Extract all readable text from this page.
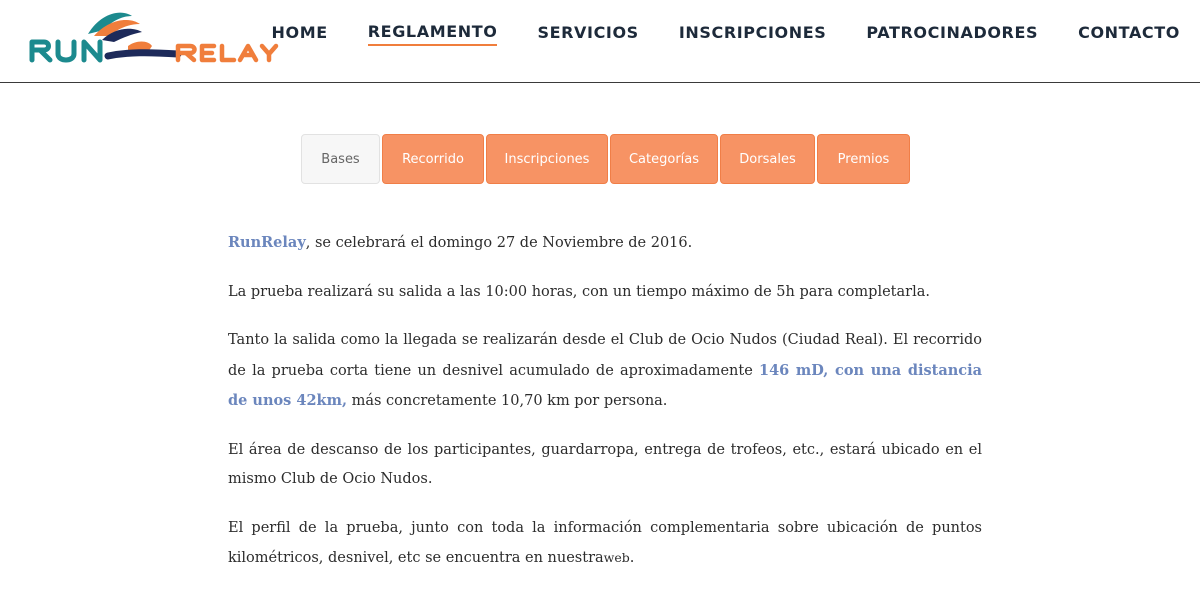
HOME	REGLAMENTO	SERVICIOS	INSCRIPCIONES	PATROCINADORES	CONTACTO
Bases	Recorrido	Inscripciones	Categorías	Dorsales	Premios

RunRelay, se celebrará el domingo 27 de Noviembre de 2016.

La prueba realizará su salida a las 10:00 horas, con un tiempo máximo de 5h para completarla.

Tanto la salida como la llegada se realizarán desde el Club de Ocio Nudos (Ciudad Real). El recorrido de la prueba corta tiene un desnivel acumulado de aproximadamente 146 mD, con una distancia de unos 42km, más concretamente 10,70 km por persona.

El área de descanso de los participantes, guardarropa, entrega de trofeos, etc., estará ubicado en el mismo Club de Ocio Nudos.

El perfil de la prueba, junto con toda la información complementaria sobre ubicación de puntos kilométricos, desnivel, etc se encuentra en nuestraweb.
